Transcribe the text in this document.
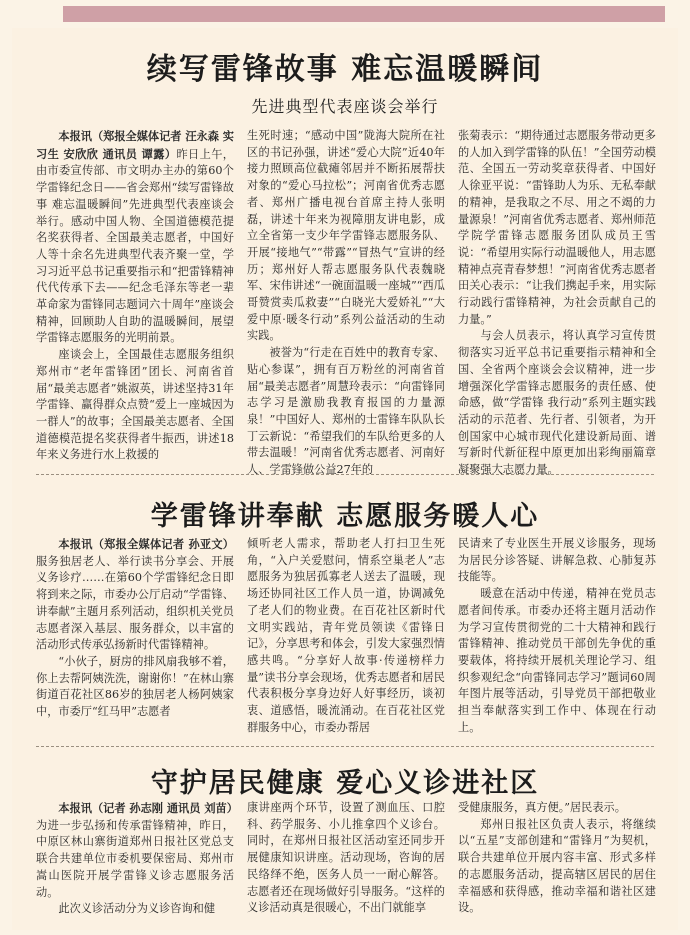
续写雷锋故事 难忘温暖瞬间
先进典型代表座谈会举行

本报讯（郑报全媒体记者 汪永森 实习生 安欣欣 通讯员 谭露）昨日上午，由市委宣传部、市文明办主办的第60个学雷锋纪念日——省会郑州“续写雷锋故事 难忘温暖瞬间”先进典型代表座谈会举行。感动中国人物、全国道德模范提名奖获得者、全国最美志愿者，中国好人等十余名先进典型代表齐聚一堂，学习习近平总书记重要指示和“把雷锋精神代代传承下去——纪念毛泽东等老一辈革命家为雷锋同志题词六十周年”座谈会精神，回顾助人自助的温暖瞬间，展望学雷锋志愿服务的光明前景。

座谈会上，全国最佳志愿服务组织郑州市“老年雷锋团”团长、河南省首届“最美志愿者”姚淑英，讲述坚持31年学雷锋、赢得群众点赞“爱上一座城因为一群人”的故事；全国最美志愿者、全国道德模范提名奖获得者牛振西，讲述18年来义务进行水上救援的

生死时速；“感动中国”陇海大院所在社区的书记孙强，讲述“爱心大院”近40年接力照顾高位截瘫邻居并不断拓展帮扶对象的“爱心马拉松”；河南省优秀志愿者、郑州广播电视台首席主持人张明磊，讲述十年来为视障朋友讲电影，成立全省第一支少年学雷锋志愿服务队、开展“接地气”“带露”“冒热气”宣讲的经历；郑州好人帮志愿服务队代表魏晓军、宋伟讲述“一碗面温暖一座城”“西瓜哥赞赏卖瓜救妻”“白晓光大爱娇礼”“大爱中原·暖冬行动”系列公益活动的生动实践。

被誉为“行走在百姓中的教育专家、贴心参谋”，拥有百万粉丝的河南省首届“最美志愿者”周慧玲表示：“向雷锋同志学习是激励我教育报国的力量源泉！”中国好人、郑州的士雷锋车队队长丁云新说：“希望我们的车队给更多的人带去温暖！”河南省优秀志愿者、河南好人、学雷锋做公益27年的

张菊表示：“期待通过志愿服务带动更多的人加入到学雷锋的队伍！”全国劳动模范、全国五一劳动奖章获得者、中国好人徐亚平说：“雷锋助人为乐、无私奉献的精神，是我取之不尽、用之不竭的力量源泉！”河南省优秀志愿者、郑州师范学院学雷锋志愿服务团队成员王雪说：“希望用实际行动温暖他人，用志愿精神点亮青春梦想！”河南省优秀志愿者田关心表示：“让我们携起手来，用实际行动践行雷锋精神，为社会贡献自己的力量。”

与会人员表示，将认真学习宣传贯彻落实习近平总书记重要指示精神和全国、全省两个座谈会会议精神，进一步增强深化学雷锋志愿服务的责任感、使命感，做“学雷锋 我行动”系列主题实践活动的示范者、先行者、引领者，为开创国家中心城市现代化建设新局面、谱写新时代新征程中原更加出彩绚丽篇章凝聚强大志愿力量。

学雷锋讲奉献 志愿服务暖人心

本报讯（郑报全媒体记者 孙亚文）服务独居老人、举行读书分享会、开展义务诊疗……在第60个学雷锋纪念日即将到来之际，市委办公厅启动“学雷锋、讲奉献”主题月系列活动，组织机关党员志愿者深入基层、服务群众，以丰富的活动形式传承弘扬新时代雷锋精神。

“小伙子，厨房的排风扇我够不着，你上去帮阿姨洗洗，谢谢你！”在林山寨街道百花社区86岁的独居老人杨阿姨家中，市委厅“红马甲”志愿者

倾听老人需求，帮助老人打扫卫生死角，“入户关爱慰问，情系空巢老人”志愿服务为独居孤寡老人送去了温暖，现场还协同社区工作人员一道，协调减免了老人们的物业费。在百花社区新时代文明实践站，青年党员领读《雷锋日记》，分享思考和体会，引发大家强烈情感共鸣。“分享好人故事·传递榜样力量”读书分享会现场，优秀志愿者和居民代表积极分享身边好人好事经历，谈初衷、道感悟，暖流涌动。在百花社区党群服务中心，市委办帮居

民请来了专业医生开展义诊服务，现场为居民分诊答疑、讲解急救、心肺复苏技能等。

暖意在活动中传递，精神在党员志愿者间传承。市委办还将主题月活动作为学习宣传贯彻党的二十大精神和践行雷锋精神、推动党员干部创先争优的重要载体，将持续开展机关理论学习、组织参观纪念“向雷锋同志学习”题词60周年图片展等活动，引导党员干部把敬业担当奉献落实到工作中、体现在行动上。

守护居民健康 爱心义诊进社区

本报讯（记者 孙志刚 通讯员 刘苗）为进一步弘扬和传承雷锋精神，昨日，中原区林山寨街道郑州日报社区党总支联合共建单位市委机要保密局、郑州市嵩山医院开展学雷锋义诊志愿服务活动。

此次义诊活动分为义诊咨询和健

康讲座两个环节，设置了测血压、口腔科、药学服务、小儿推拿四个义诊台。同时，在郑州日报社区活动室还同步开展健康知识讲座。活动现场，咨询的居民络绎不绝，医务人员一一耐心解答。志愿者还在现场做好引导服务。“这样的义诊活动真是很暖心，不出门就能享

受健康服务，真方便。”居民表示。

郑州日报社区负责人表示，将继续以“五星”支部创建和“雷锋月”为契机，联合共建单位开展内容丰富、形式多样的志愿服务活动，提高辖区居民的居住幸福感和获得感，推动幸福和谐社区建设。
